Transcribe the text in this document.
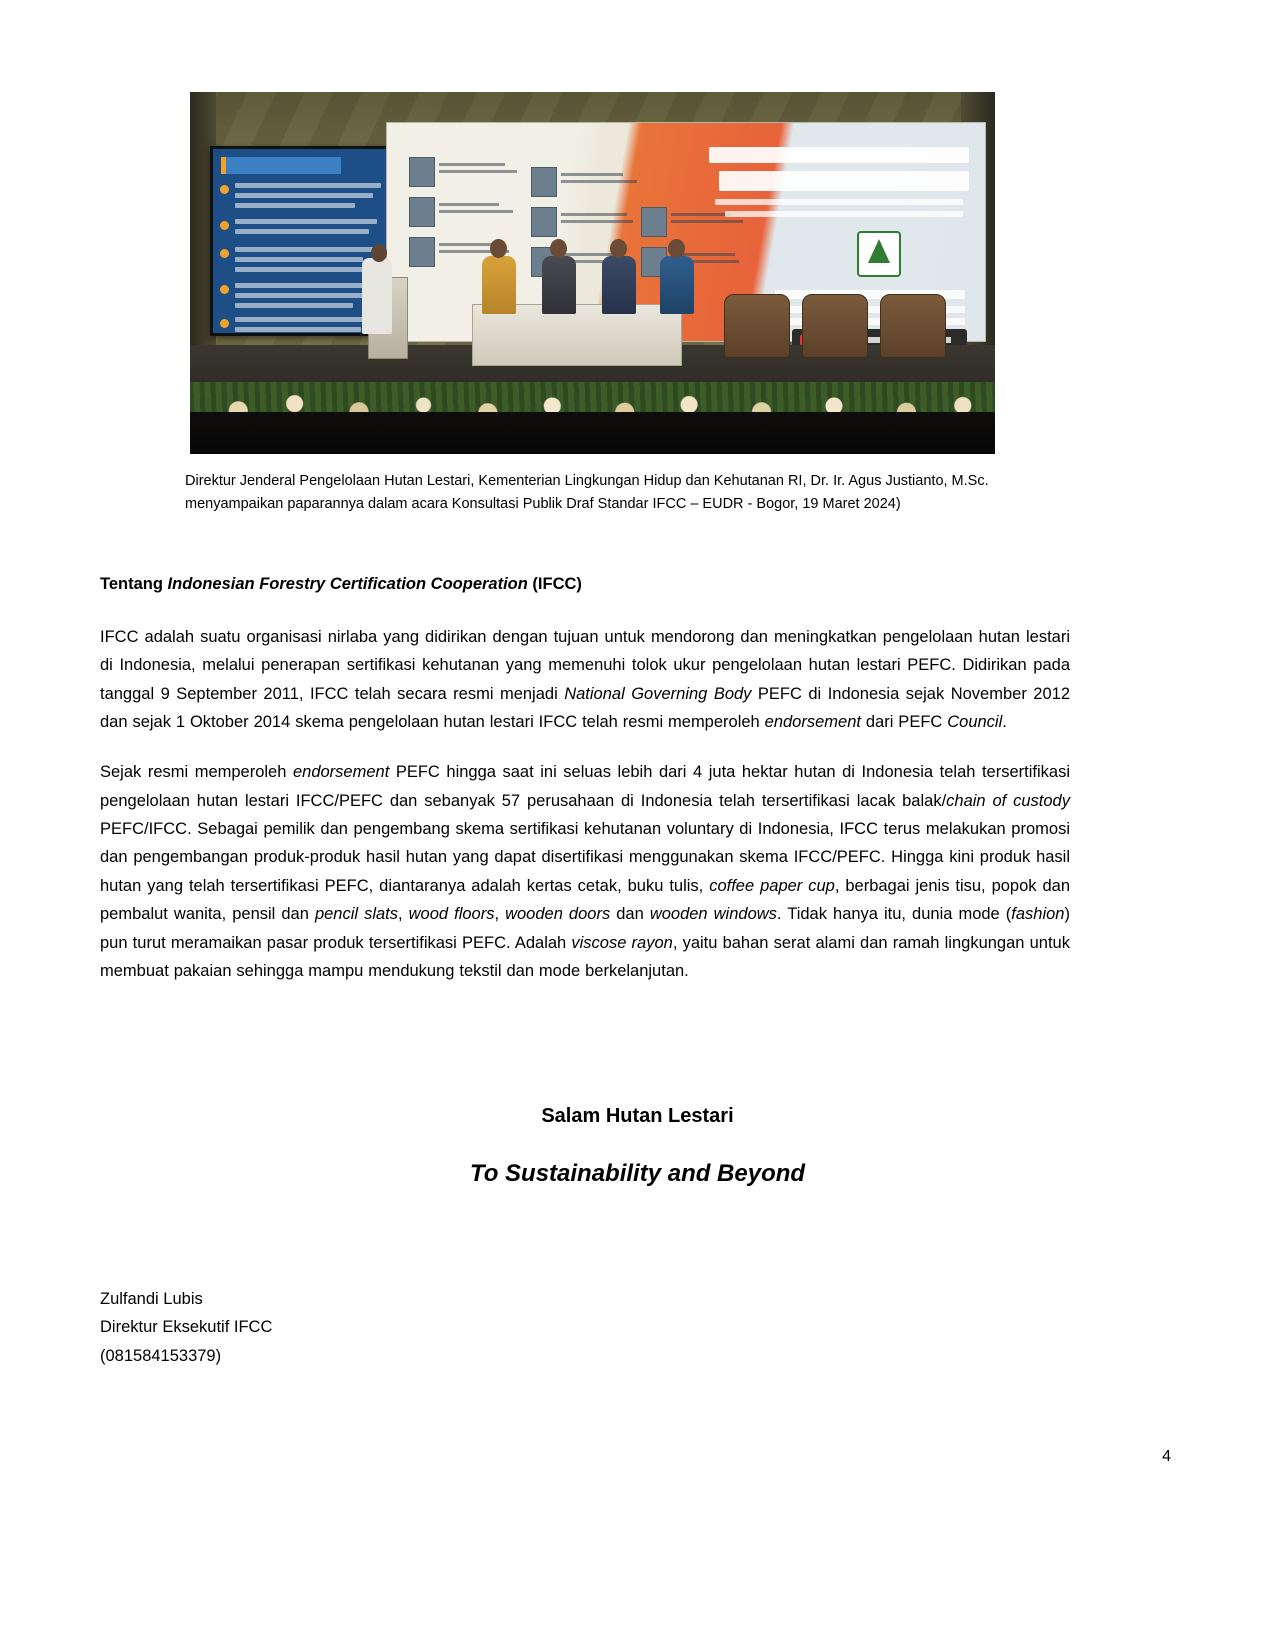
Direktur Jenderal Pengelolaan Hutan Lestari, Kementerian Lingkungan Hidup dan Kehutanan RI, Dr. Ir. Agus Justianto, M.Sc. menyampaikan paparannya dalam acara Konsultasi Publik Draf Standar IFCC – EUDR - Bogor, 19 Maret 2024)
Tentang Indonesian Forestry Certification Cooperation (IFCC)

IFCC adalah suatu organisasi nirlaba yang didirikan dengan tujuan untuk mendorong dan meningkatkan pengelolaan hutan lestari di Indonesia, melalui penerapan sertifikasi kehutanan yang memenuhi tolok ukur pengelolaan hutan lestari PEFC. Didirikan pada tanggal 9 September 2011, IFCC telah secara resmi menjadi National Governing Body PEFC di Indonesia sejak November 2012 dan sejak 1 Oktober 2014 skema pengelolaan hutan lestari IFCC telah resmi memperoleh endorsement dari PEFC Council.

Sejak resmi memperoleh endorsement PEFC hingga saat ini seluas lebih dari 4 juta hektar hutan di Indonesia telah tersertifikasi pengelolaan hutan lestari IFCC/PEFC dan sebanyak 57 perusahaan di Indonesia telah tersertifikasi lacak balak/chain of custody PEFC/IFCC. Sebagai pemilik dan pengembang skema sertifikasi kehutanan voluntary di Indonesia, IFCC terus melakukan promosi dan pengembangan produk-produk hasil hutan yang dapat disertifikasi menggunakan skema IFCC/PEFC. Hingga kini produk hasil hutan yang telah tersertifikasi PEFC, diantaranya adalah kertas cetak, buku tulis, coffee paper cup, berbagai jenis tisu, popok dan pembalut wanita, pensil dan pencil slats, wood floors, wooden doors dan wooden windows. Tidak hanya itu, dunia mode (fashion) pun turut meramaikan pasar produk tersertifikasi PEFC. Adalah viscose rayon, yaitu bahan serat alami dan ramah lingkungan untuk membuat pakaian sehingga mampu mendukung tekstil dan mode berkelanjutan.

Salam Hutan Lestari
To Sustainability and Beyond
Zulfandi Lubis
Direktur Eksekutif IFCC
(081584153379)
4
